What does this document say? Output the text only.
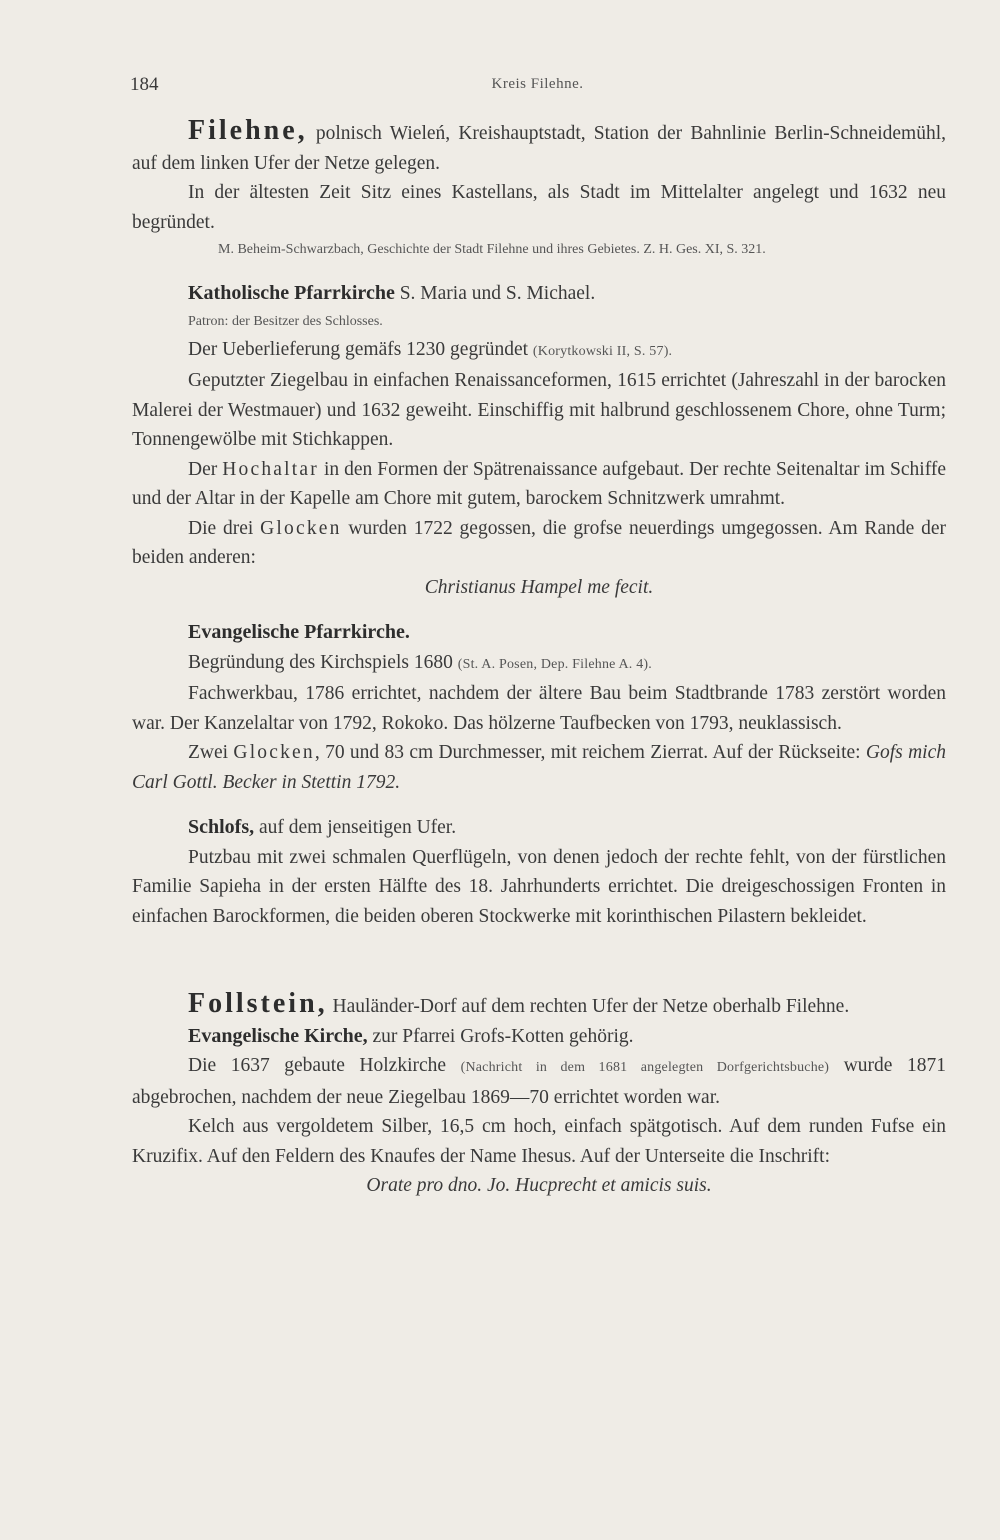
184	Kreis Filehne.

Filehne, polnisch Wieleń, Kreishauptstadt, Station der Bahnlinie Berlin-Schneidemühl, auf dem linken Ufer der Netze gelegen.

In der ältesten Zeit Sitz eines Kastellans, als Stadt im Mittelalter angelegt und 1632 neu begründet.

M. Beheim-Schwarzbach, Geschichte der Stadt Filehne und ihres Gebietes. Z. H. Ges. XI, S. 321.

Katholische Pfarrkirche S. Maria und S. Michael.

Patron: der Besitzer des Schlosses.

Der Ueberlieferung gemäfs 1230 gegründet (Korytkowski II, S. 57).

Geputzter Ziegelbau in einfachen Renaissanceformen, 1615 errichtet (Jahreszahl in der barocken Malerei der Westmauer) und 1632 geweiht. Einschiffig mit halbrund geschlossenem Chore, ohne Turm; Tonnengewölbe mit Stichkappen.

Der Hochaltar in den Formen der Spätrenaissance aufgebaut. Der rechte Seitenaltar im Schiffe und der Altar in der Kapelle am Chore mit gutem, barockem Schnitzwerk umrahmt.

Die drei Glocken wurden 1722 gegossen, die grofse neuerdings umgegossen. Am Rande der beiden anderen:

Christianus Hampel me fecit.

Evangelische Pfarrkirche.

Begründung des Kirchspiels 1680 (St. A. Posen, Dep. Filehne A. 4).

Fachwerkbau, 1786 errichtet, nachdem der ältere Bau beim Stadtbrande 1783 zerstört worden war. Der Kanzelaltar von 1792, Rokoko. Das hölzerne Taufbecken von 1793, neuklassisch.

Zwei Glocken, 70 und 83 cm Durchmesser, mit reichem Zierrat. Auf der Rückseite: Gofs mich Carl Gottl. Becker in Stettin 1792.

Schlofs, auf dem jenseitigen Ufer.

Putzbau mit zwei schmalen Querflügeln, von denen jedoch der rechte fehlt, von der fürstlichen Familie Sapieha in der ersten Hälfte des 18. Jahrhunderts errichtet. Die dreigeschossigen Fronten in einfachen Barockformen, die beiden oberen Stockwerke mit korinthischen Pilastern bekleidet.

Follstein, Hauländer-Dorf auf dem rechten Ufer der Netze oberhalb Filehne.

Evangelische Kirche, zur Pfarrei Grofs-Kotten gehörig.

Die 1637 gebaute Holzkirche (Nachricht in dem 1681 angelegten Dorfgerichtsbuche) wurde 1871 abgebrochen, nachdem der neue Ziegelbau 1869—70 errichtet worden war.

Kelch aus vergoldetem Silber, 16,5 cm hoch, einfach spätgotisch. Auf dem runden Fufse ein Kruzifix. Auf den Feldern des Knaufes der Name Ihesus. Auf der Unterseite die Inschrift:

Orate pro dno. Jo. Hucprecht et amicis suis.
